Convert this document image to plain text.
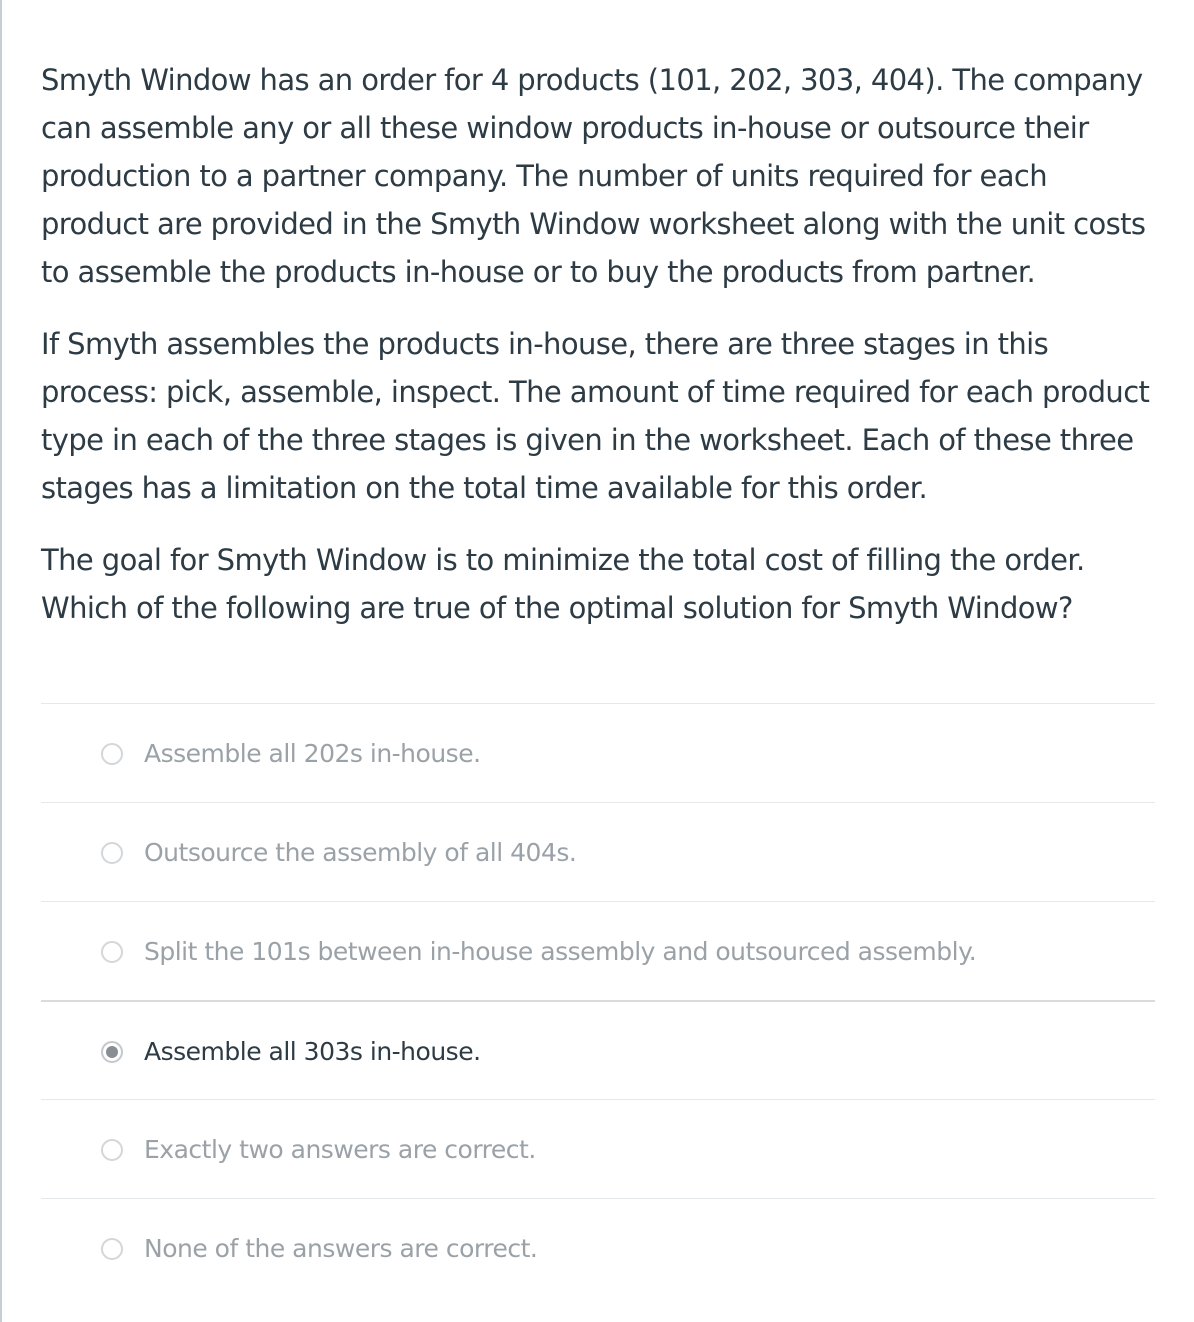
Smyth Window has an order for 4 products (101, 202, 303, 404). The company can assemble any or all these window products in-house or outsource their production to a partner company. The number of units required for each product are provided in the Smyth Window worksheet along with the unit costs to assemble the products in-house or to buy the products from partner.

If Smyth assembles the products in-house, there are three stages in this process: pick, assemble, inspect. The amount of time required for each product type in each of the three stages is given in the worksheet. Each of these three stages has a limitation on the total time available for this order.

The goal for Smyth Window is to minimize the total cost of filling the order. Which of the following are true of the optimal solution for Smyth Window?

Assemble all 202s in-house.
Outsource the assembly of all 404s.
Split the 101s between in-house assembly and outsourced assembly.
Assemble all 303s in-house.
Exactly two answers are correct.
None of the answers are correct.
